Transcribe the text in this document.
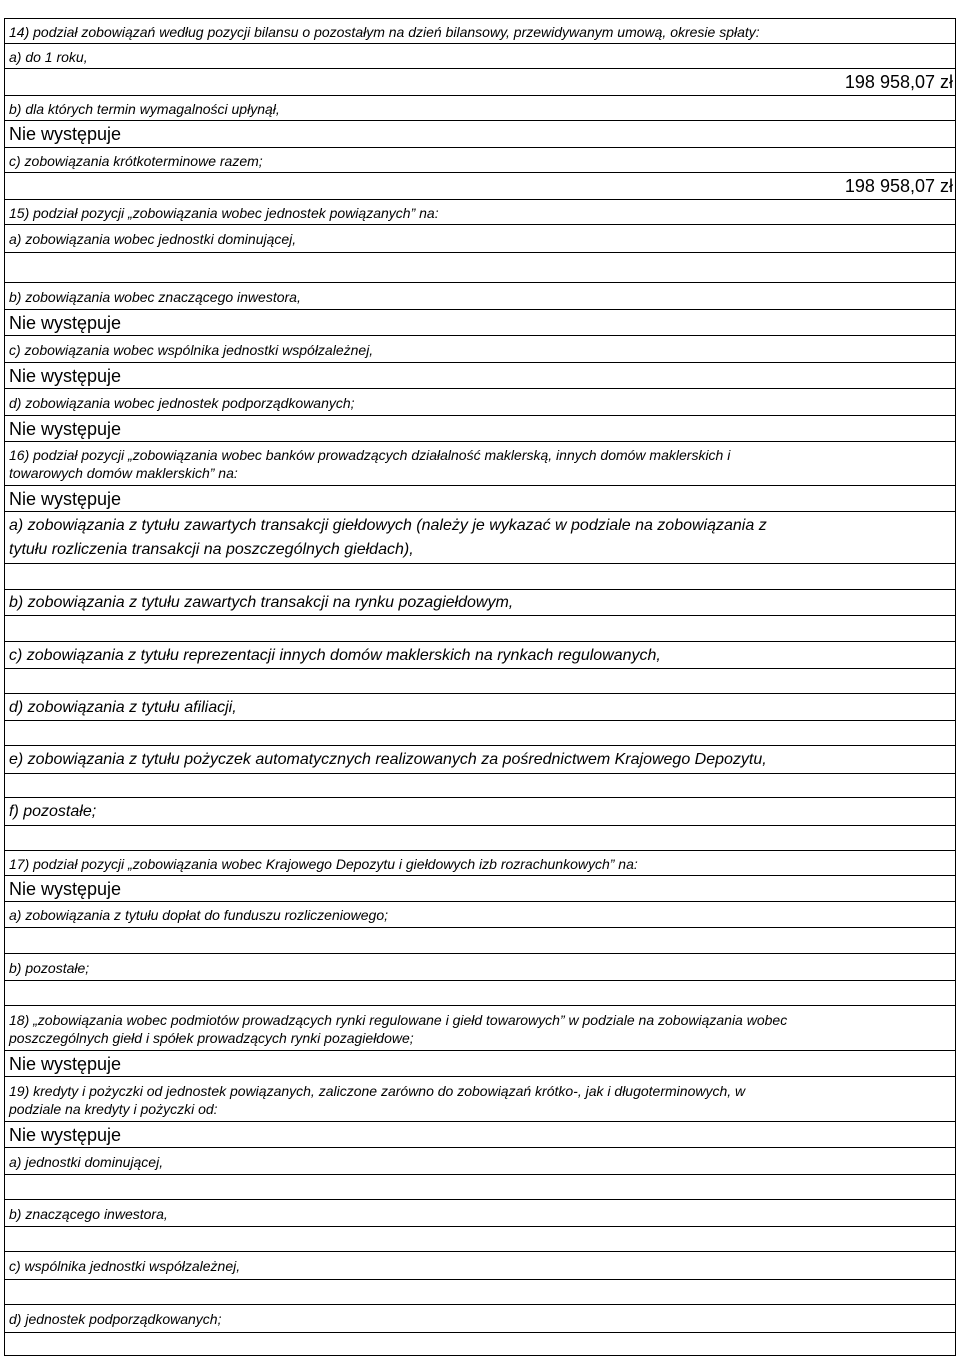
14) podział zobowiązań według pozycji bilansu o pozostałym na dzień bilansowy, przewidywanym umową, okresie spłaty:
a) do 1 roku,
198 958,07 zł
b) dla których termin wymagalności upłynął,
Nie występuje
c) zobowiązania krótkoterminowe razem;
198 958,07 zł
15) podział pozycji „zobowiązania wobec jednostek powiązanych” na:
a) zobowiązania wobec jednostki dominującej,
b) zobowiązania wobec znaczącego inwestora,
Nie występuje
c) zobowiązania wobec wspólnika jednostki współzależnej,
Nie występuje
d) zobowiązania wobec jednostek podporządkowanych;
Nie występuje
16) podział pozycji „zobowiązania wobec banków prowadzących działalność maklerską, innych domów maklerskich i
towarowych domów maklerskich” na:
Nie występuje
a) zobowiązania z tytułu zawartych transakcji giełdowych (należy je wykazać w podziale na zobowiązania z
tytułu rozliczenia transakcji na poszczególnych giełdach),
b) zobowiązania z tytułu zawartych transakcji na rynku pozagiełdowym,
c) zobowiązania z tytułu reprezentacji innych domów maklerskich na rynkach regulowanych,
d) zobowiązania z tytułu afiliacji,
e) zobowiązania z tytułu pożyczek automatycznych realizowanych za pośrednictwem Krajowego Depozytu,
f) pozostałe;
17) podział pozycji „zobowiązania wobec Krajowego Depozytu i giełdowych izb rozrachunkowych” na:
Nie występuje
a) zobowiązania z tytułu dopłat do funduszu rozliczeniowego;
b) pozostałe;
18) „zobowiązania wobec podmiotów prowadzących rynki regulowane i giełd towarowych” w podziale na zobowiązania wobec
poszczególnych giełd i spółek prowadzących rynki pozagiełdowe;
Nie występuje
19) kredyty i pożyczki od jednostek powiązanych, zaliczone zarówno do zobowiązań krótko-, jak i długoterminowych, w
podziale na kredyty i pożyczki od:
Nie występuje
a) jednostki dominującej,
b) znaczącego inwestora,
c) wspólnika jednostki współzależnej,
d) jednostek podporządkowanych;
